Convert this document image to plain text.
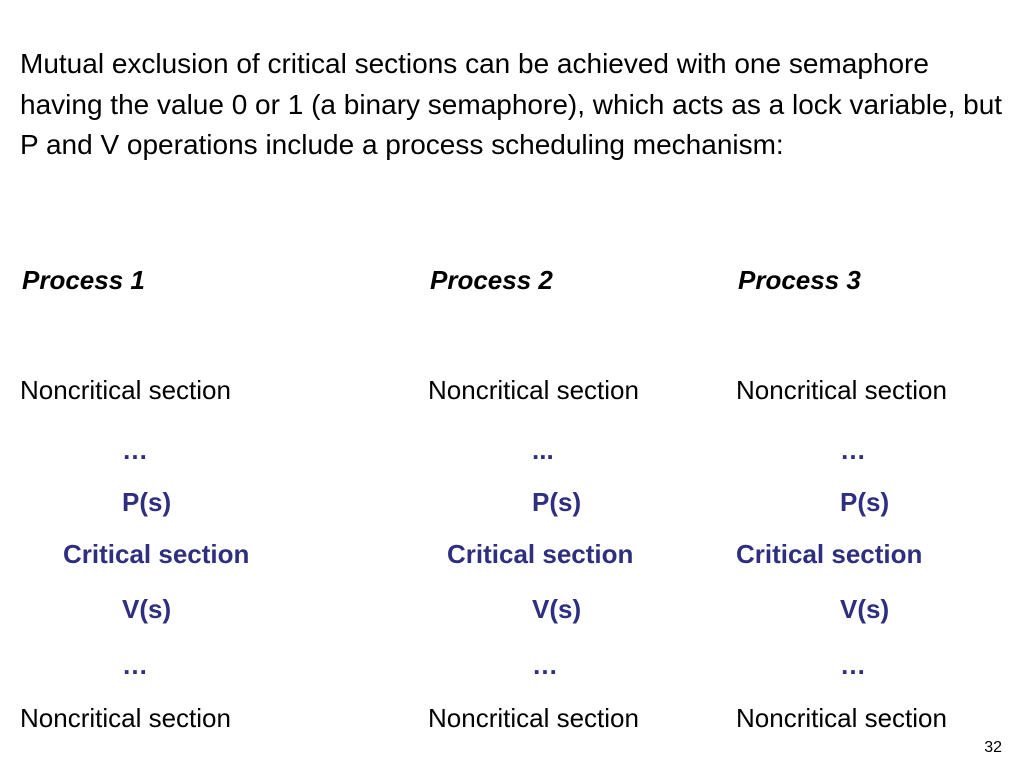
Mutual exclusion of critical sections can be achieved with one semaphore having the value 0 or 1 (a binary semaphore), which acts as a lock variable, but P and V operations include a process scheduling mechanism:

Process 1

Noncritical section

…

P(s)

Critical section

V(s)

…

Noncritical section

Process 2

Noncritical section

...

P(s)

Critical section

V(s)

…

Noncritical section

Process 3

Noncritical section

…

P(s)

Critical section

V(s)

…

Noncritical section

32
